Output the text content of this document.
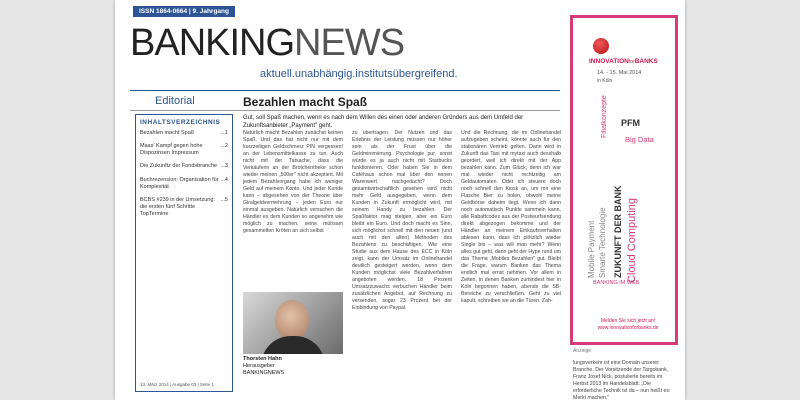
ISSN 1864-0664 | 9. Jahrgang
BANKINGNEWS
aktuell.unabhängig.institutsübergreifend.
Editorial	Bezahlen macht Spaß
INHALTSVERZEICHNIS
Bezahlen macht Spaß	...1
Maas' Kampf gegen hohe Dispozinsen Impressum
...2
Die Zukunftz der Fondsbranche ...3
Buchrezension: Organisation für Komplexität
...4
BCBS #239 in der Umsetzung: die ersten fünf Schritte TopTermine
...5
13. März 2014 | Ausgabe 03 | Seite 1
Gut, soll Spaß machen, wenn es nach dem Willen des einen oder anderen Gründers aus dem Umfeld der Zukunftsanbieter „Payment" geht.
Natürlich macht Bezahlen zunächst keinen Spaß. Und das hat nicht nur mit dem kurzzeitigen Geldschmerz PIN vergessen! an der Lebensmittelkasse zu tun. Auch nicht mit der Tatsache, dass die Verkäuferin an der Brotchentheke schon wieder meinen „500er" nicht akzeptiert. Mit jedem Bezahlvorgang habe ich weniger Geld auf meinem Konto. Und jeder Kunde kann – abgesehen von der Theorie über Giralgeldvermehrung – jeden Euro nur einmal ausgeben. Natürlich versuchen die Händler es dem Kunden so angenehm wie möglich zu machen, seine mühsam gesammelten Kröten an sich selbst
zu übertragen. Der Nutzen und das Erlebnis der Leistung müssen nur höher sein als der Frust über die Geldminimierung. Psychologie pur, sonst würde es ja auch nicht mit Starbucks funktionieren. Oder haben Sie in dem Caféhaus schon mal über den reinen Warenwert nachgedacht? Doch gesamtwirtschaftlich gesehen wird nicht mehr Geld ausgegeben, wenn dem Kunden in Zukunft ermöglicht wird, mit seinem Handy zu bezahlen. Der Spaßfaktor mag steigen, aber ein Euro bleibt ein Euro. Und doch macht es Sinn, sich möglichst schnell mit den neuen (und auch mit den alten) Methoden des Bezahlens zu beschäftigen. Wie eine Studie aus dem Hause des ECC in Köln zeigt, kann der Umsatz im Onlinehandel deutlich gesteigert werden, wenn dem Kunden möglichst viele Bezahlverfahren angeboten werden. 18 Prozent Umsatzzuwachs verbuchen Händler beim zusätzlichen Angebot, auf Rechnung zu versenden, sogar 23 Prozent bei der Einbindung von Paypal.
Und die Rechnung, die im Onlinehandel aufzugeben scheint, könnte auch für den stationären Vertrieb gelten. Dann wird in Zukunft das Taxi mit mytaxi auch desshalb geordert, weil ich direkt mit der App bezahlen kann. Zum Glück, denn ich war mal wieder nicht rechtzeitig am Geldautomaten. Oder ich steuere doch noch schnell den Kiosk an, um mir eine Flasche Bier zu holen, obwohl meine Geldbörse daheim liegt. Wenn ich dann noch automatisch Punkte sammeln kann, alle Rabattcodes aus der Postwurfsendung direkt abgezogen bekomme und der Händler an meinem Einkaufsverhalten ablesen kann, dass ich plötzlich wieder Single bin – was will man mehr? Wenn alles gut geht, dann geht der Hype rund um das Thema „Mobiles Bezahlen" gut. Bleibt die Frage, warum Banken das Thema endlich mal ernst nehmen. Vor allem in Zeiten, in denen Banken zumindest hier in Köln begonnen haben, abends die SB-Bereiche zu verschließen. Geht zu viel kaputt, schreiben sie an die Türen. Zah-
Thorsten Hahn
Herausgeber
BANKINGNEWS
INNOVATIONforBANKS
14. - 15. Mai 2014
in Köln
Mobile Payment Smarte Technologie ZUKUNFT DER BANK Cloud Computing
Filialkonzepte PFM
Big Data
BANKING IM WEB
Melden Sie sich jetzt an!
www.innovationforbanks.de
Anzeige
lungsverkehr ist eine Domain unserer Branche. Der Vorsitzende der Targobank, Franz Josef Nick, postulierte bereits im Herbst 2013 im Handelsblatt: „Die erforderliche Technik ist da – nun heißt es: Merkt machen."
